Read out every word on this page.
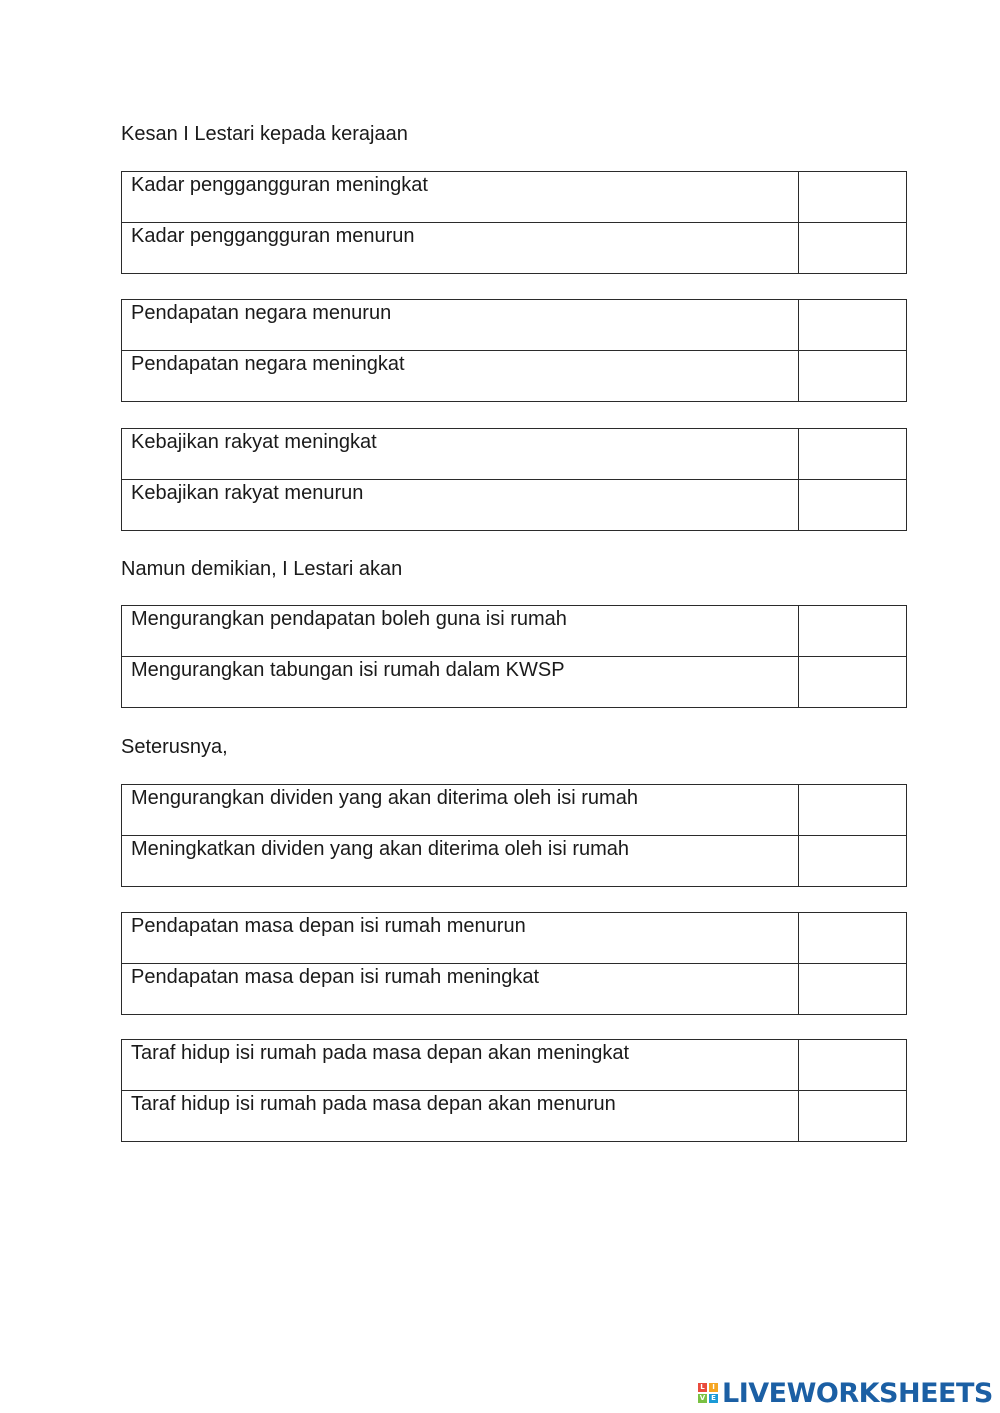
Kesan I Lestari kepada kerajaan
Kadar penggangguran meningkat	
Kadar penggangguran menurun	
Pendapatan negara menurun	
Pendapatan negara meningkat	
Kebajikan rakyat meningkat	
Kebajikan rakyat menurun	
Namun demikian, I Lestari akan
Mengurangkan pendapatan boleh guna isi rumah	
Mengurangkan tabungan isi rumah dalam KWSP	
Seterusnya,
Mengurangkan dividen yang akan diterima oleh isi rumah	
Meningkatkan dividen yang akan diterima oleh isi rumah	
Pendapatan masa depan isi rumah menurun	
Pendapatan masa depan isi rumah meningkat	
Taraf hidup isi rumah pada masa depan akan meningkat	
Taraf hidup isi rumah pada masa depan akan menurun	
L	I
V E LIVEWORKSHEETS
